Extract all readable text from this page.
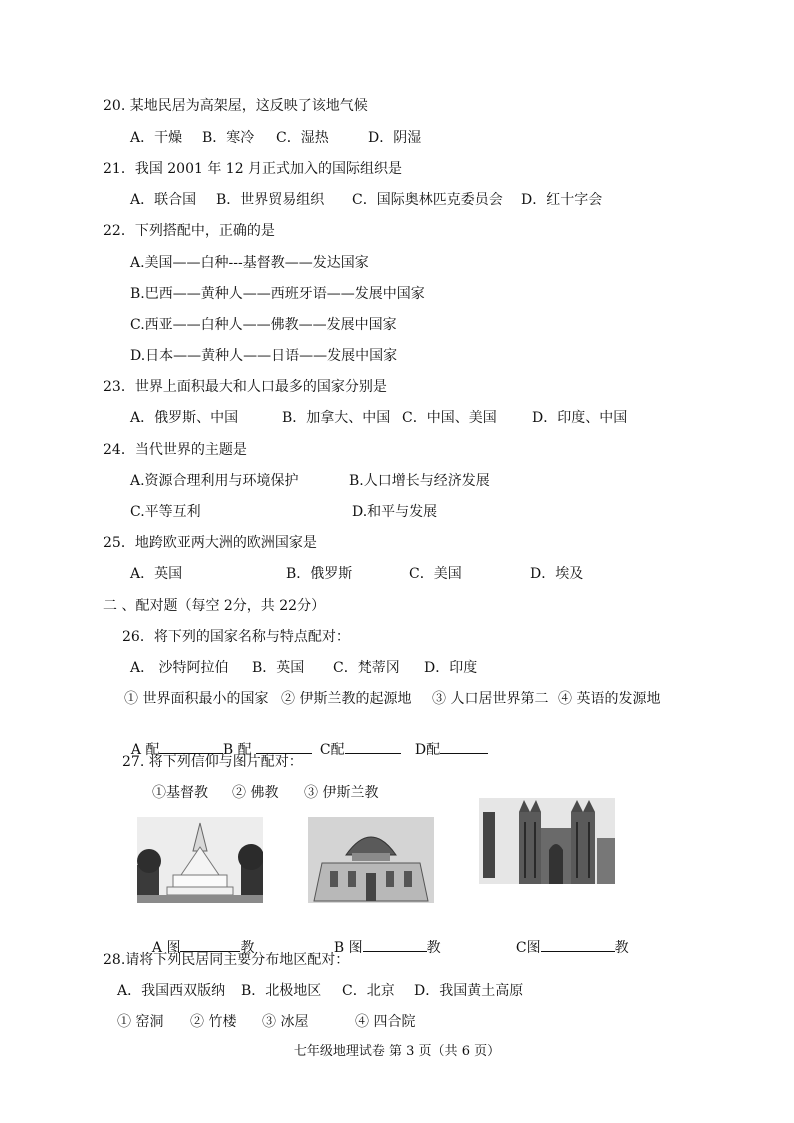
20. 某地民居为高架屋，这反映了该地气候
A．干燥 B．寒冷 C．湿热	D．阴湿
21．我国 2001 年 12 月正式加入的国际组织是
A．联合国 B．世界贸易组织 C．国际奥林匹克委员会 D．红十字会
22．下列搭配中，正确的是
A.美国——白种---基督教——发达国家
B.巴西——黄种人——西班牙语——发展中国家
C.西亚——白种人——佛教——发展中国家
D.日本——黄种人——日语——发展中国家
23．世界上面积最大和人口最多的国家分别是
A．俄罗斯、中国	B．加拿大、中国 C．中国、美国	D．印度、中国
24．当代世界的主题是
A.资源合理利用与环境保护	B.人口增长与经济发展
C.平等互利	D.和平与发展
25．地跨欧亚两大洲的欧洲国家是
A．英国	B．俄罗斯	C．美国	D．埃及
二 、配对题（每空 2分，共 22分）
26．将下列的国家名称与特点配对：
A． 沙特阿拉伯 B．英国 C．梵蒂冈 D．印度
① 世界面积最小的国家 ② 伊斯兰教的起源地 ③ 人口居世界第二 ④ 英语的发源地

A 配	B 配	C配	D配

27. 将下列信仰与图片配对：
①基督教 ② 佛教 ③ 伊斯兰教

A 图	教	B 图	教	C图	教

28.请将下列民居同主要分布地区配对：
A．我国西双版纳 B．北极地区 C．北京 D．我国黄土高原
① 窑洞 ② 竹楼 ③ 冰屋	④ 四合院
七年级地理试卷 第 3 页（共 6 页）
